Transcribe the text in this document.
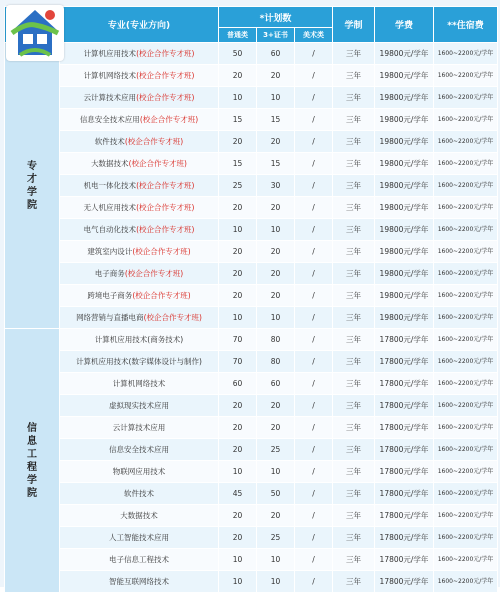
	专业(专业方向)	*计划数			学制	学费	**住宿费
		普通类	3+证书	美术类			
专才学院	计算机应用技术(校企合作专才班)	50	60	/	三年	19800元/学年	1600~2200元/学年
	计算机网络技术(校企合作专才班)	20	20	/	三年	19800元/学年	1600~2200元/学年
	云计算技术应用(校企合作专才班)	10	10	/	三年	19800元/学年	1600~2200元/学年
	信息安全技术应用(校企合作专才班)	15	15	/	三年	19800元/学年	1600~2200元/学年
	软件技术(校企合作专才班)	20	20	/	三年	19800元/学年	1600~2200元/学年
	大数据技术(校企合作专才班)	15	15	/	三年	19800元/学年	1600~2200元/学年
	机电一体化技术(校企合作专才班)	25	30	/	三年	19800元/学年	1600~2200元/学年
	无人机应用技术(校企合作专才班)	20	20	/	三年	19800元/学年	1600~2200元/学年
	电气自动化技术(校企合作专才班)	10	10	/	三年	19800元/学年	1600~2200元/学年
	建筑室内设计(校企合作专才班)	20	20	/	三年	19800元/学年	1600~2200元/学年
	电子商务(校企合作专才班)	20	20	/	三年	19800元/学年	1600~2200元/学年
	跨境电子商务(校企合作专才班)	20	20	/	三年	19800元/学年	1600~2200元/学年
	网络营销与直播电商(校企合作专才班)	10	10	/	三年	19800元/学年	1600~2200元/学年
信息工程学院	计算机应用技术(商务技术)	70	80	/	三年	17800元/学年	1600~2200元/学年
	计算机应用技术(数字媒体设计与制作)	70	80	/	三年	17800元/学年	1600~2200元/学年
	计算机网络技术	60	60	/	三年	17800元/学年	1600~2200元/学年
	虚拟现实技术应用	20	20	/	三年	17800元/学年	1600~2200元/学年
	云计算技术应用	20	20	/	三年	17800元/学年	1600~2200元/学年
	信息安全技术应用	20	25	/	三年	17800元/学年	1600~2200元/学年
	物联网应用技术	10	10	/	三年	17800元/学年	1600~2200元/学年
	软件技术	45	50	/	三年	17800元/学年	1600~2200元/学年
	大数据技术	20	20	/	三年	17800元/学年	1600~2200元/学年
	人工智能技术应用	20	25	/	三年	17800元/学年	1600~2200元/学年
	电子信息工程技术	10	10	/	三年	17800元/学年	1600~2200元/学年
	智能互联网络技术	10	10	/	三年	17800元/学年	1600~2200元/学年
